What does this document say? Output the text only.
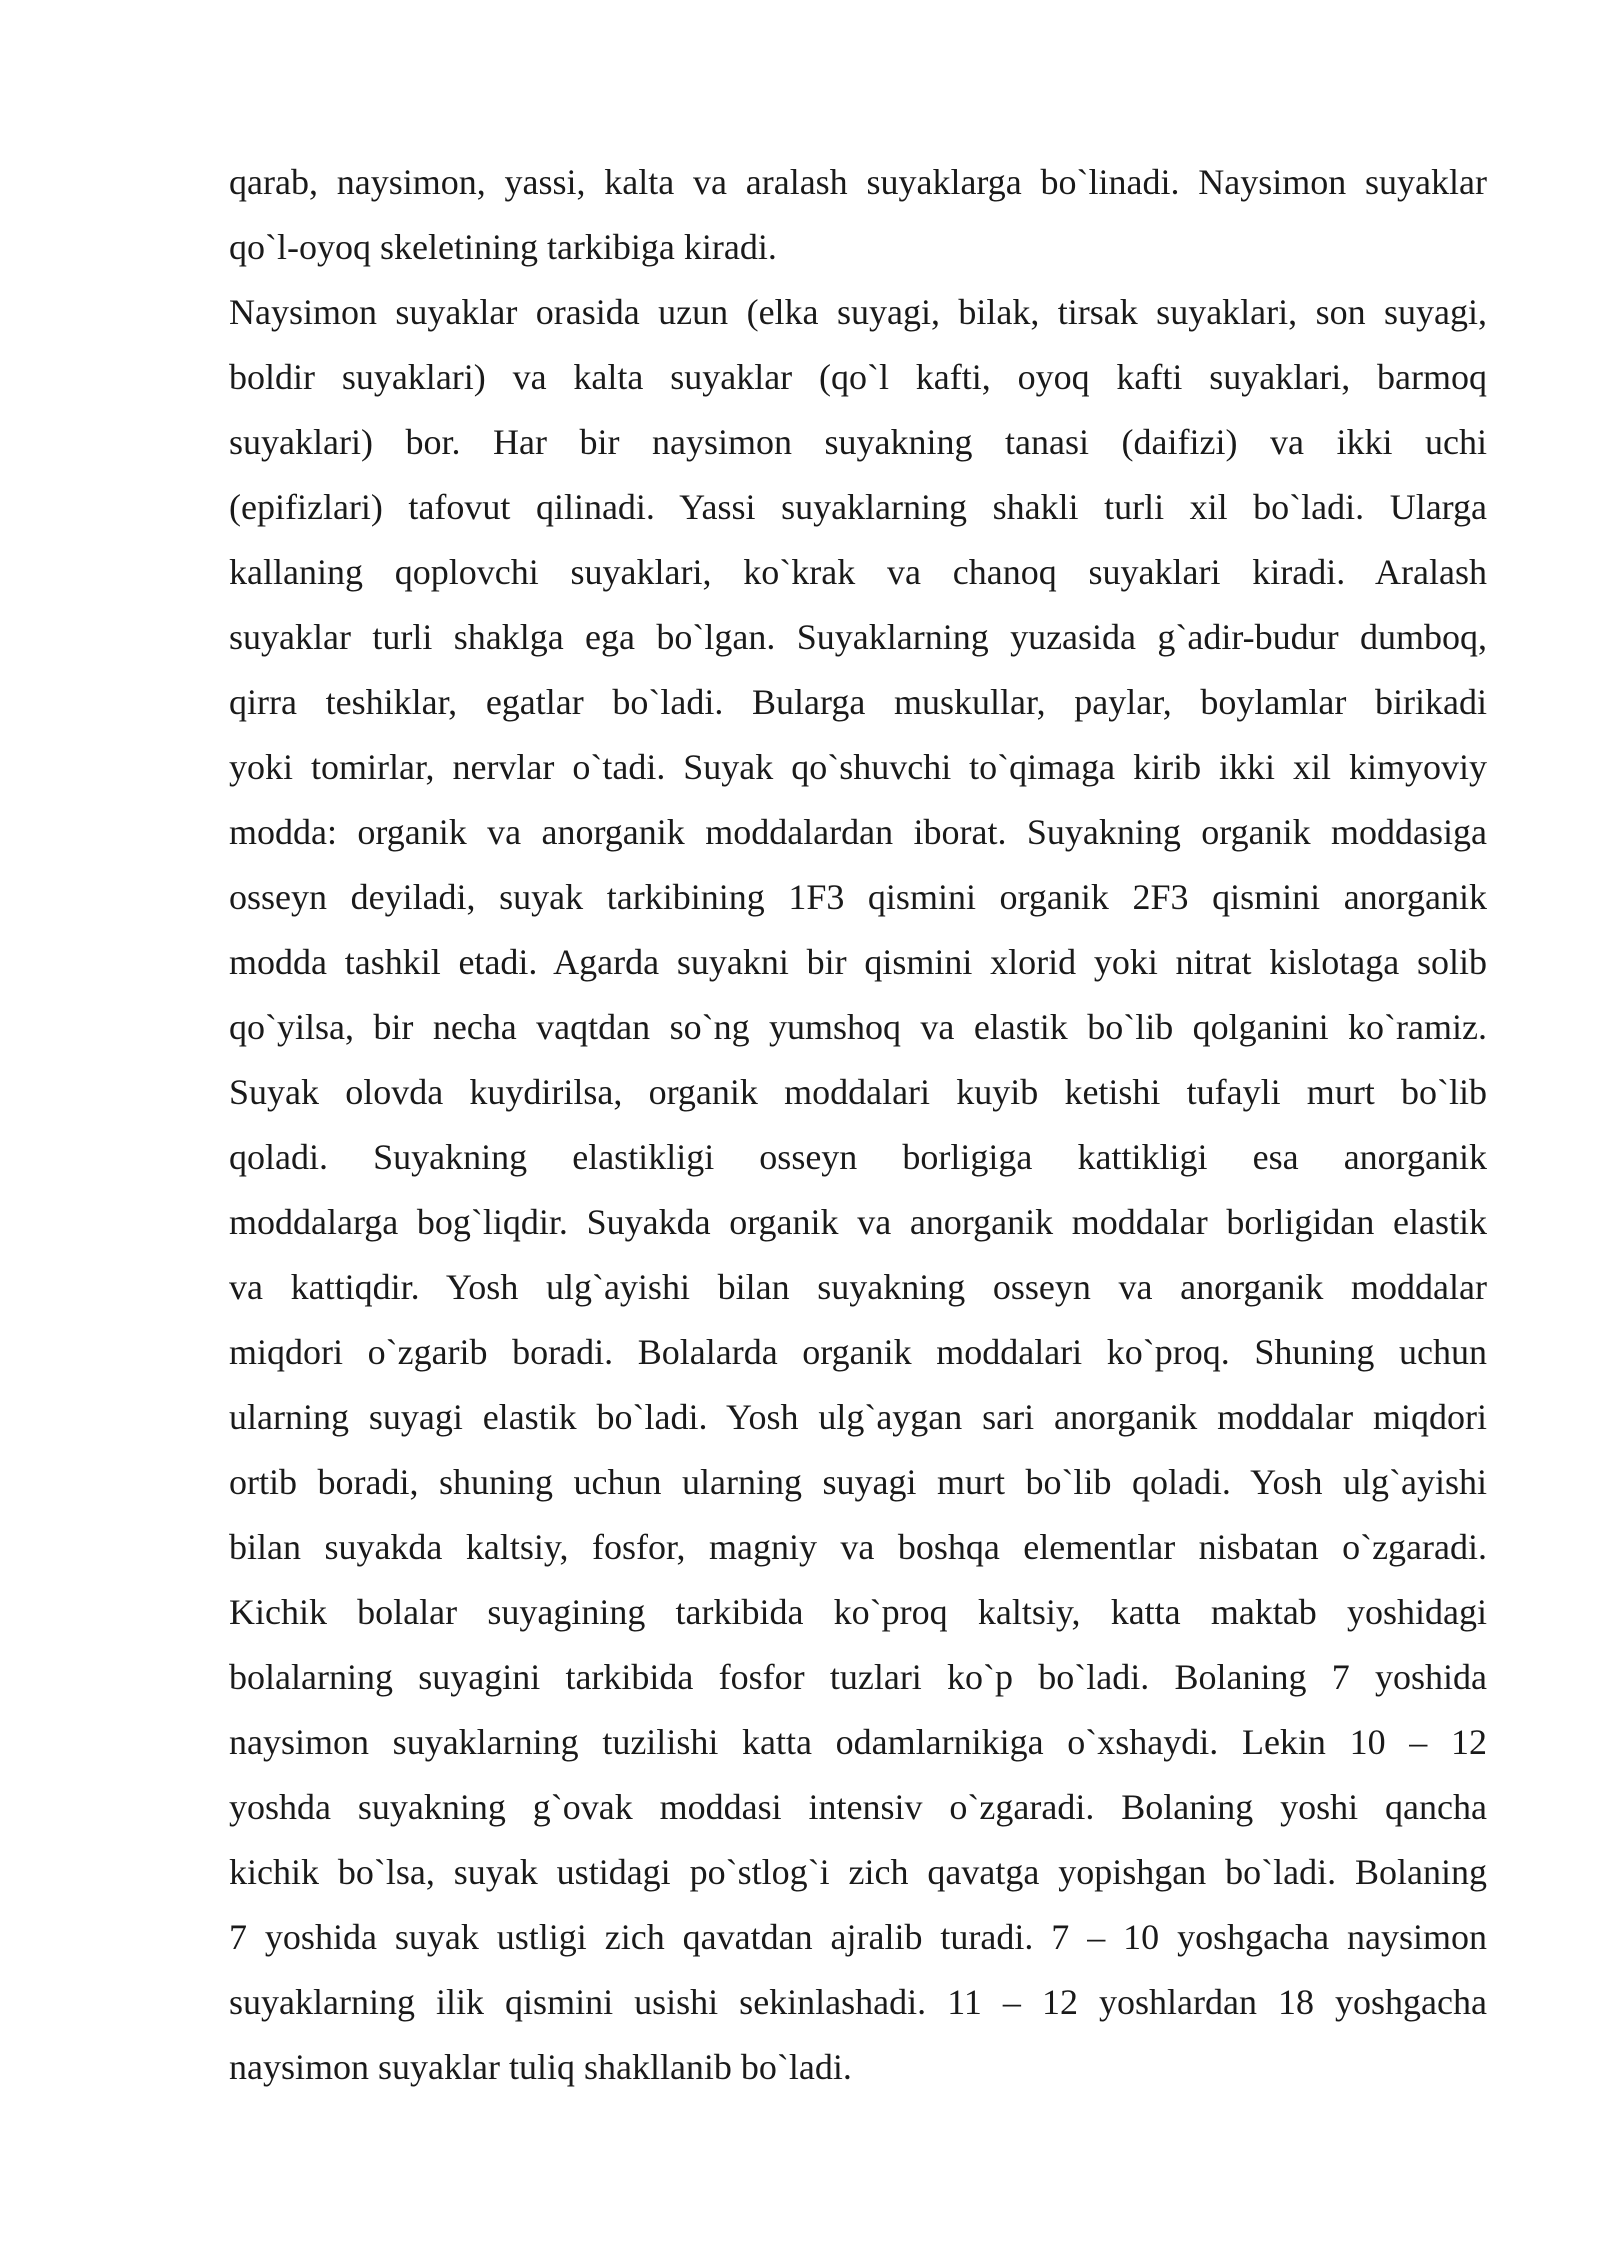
qarab, naysimon, yassi, kalta va aralash suyaklarga bo`linadi. Naysimon suyaklar
qo`l-oyoq skeletining tarkibiga kiradi.
Naysimon suyaklar orasida uzun (elka suyagi, bilak, tirsak suyaklari, son suyagi,
boldir suyaklari) va kalta suyaklar (qo`l kafti, oyoq kafti suyaklari, barmoq
suyaklari) bor. Har bir naysimon suyakning tanasi (daifizi) va ikki uchi
(epifizlari) tafovut qilinadi. Yassi suyaklarning shakli turli xil bo`ladi. Ularga
kallaning qoplovchi suyaklari, ko`krak va chanoq suyaklari kiradi. Aralash
suyaklar turli shaklga ega bo`lgan. Suyaklarning yuzasida g`adir-budur dumboq,
qirra teshiklar, egatlar bo`ladi. Bularga muskullar, paylar, boylamlar birikadi
yoki tomirlar, nervlar o`tadi. Suyak qo`shuvchi to`qimaga kirib ikki xil kimyoviy
modda: organik va anorganik moddalardan iborat. Suyakning organik moddasiga
osseyn deyiladi, suyak tarkibining 1F3 qismini organik 2F3 qismini anorganik
modda tashkil etadi. Agarda suyakni bir qismini xlorid yoki nitrat kislotaga solib
qo`yilsa, bir necha vaqtdan so`ng yumshoq va elastik bo`lib qolganini ko`ramiz.
Suyak olovda kuydirilsa, organik moddalari kuyib ketishi tufayli murt bo`lib
qoladi. Suyakning elastikligi osseyn borligiga kattikligi esa anorganik
moddalarga bog`liqdir. Suyakda organik va anorganik moddalar borligidan elastik
va kattiqdir. Yosh ulg`ayishi bilan suyakning osseyn va anorganik moddalar
miqdori o`zgarib boradi. Bolalarda organik moddalari ko`proq. Shuning uchun
ularning suyagi elastik bo`ladi. Yosh ulg`aygan sari anorganik moddalar miqdori
ortib boradi, shuning uchun ularning suyagi murt bo`lib qoladi. Yosh ulg`ayishi
bilan suyakda kaltsiy, fosfor, magniy va boshqa elementlar nisbatan o`zgaradi.
Kichik bolalar suyagining tarkibida ko`proq kaltsiy, katta maktab yoshidagi
bolalarning suyagini tarkibida fosfor tuzlari ko`p bo`ladi. Bolaning 7 yoshida
naysimon suyaklarning tuzilishi katta odamlarnikiga o`xshaydi. Lekin 10 – 12
yoshda suyakning g`ovak moddasi intensiv o`zgaradi. Bolaning yoshi qancha
kichik bo`lsa, suyak ustidagi po`stlog`i zich qavatga yopishgan bo`ladi. Bolaning
7 yoshida suyak ustligi zich qavatdan ajralib turadi. 7 – 10 yoshgacha naysimon
suyaklarning ilik qismini usishi sekinlashadi. 11 – 12 yoshlardan 18 yoshgacha
naysimon suyaklar tuliq shakllanib bo`ladi.
